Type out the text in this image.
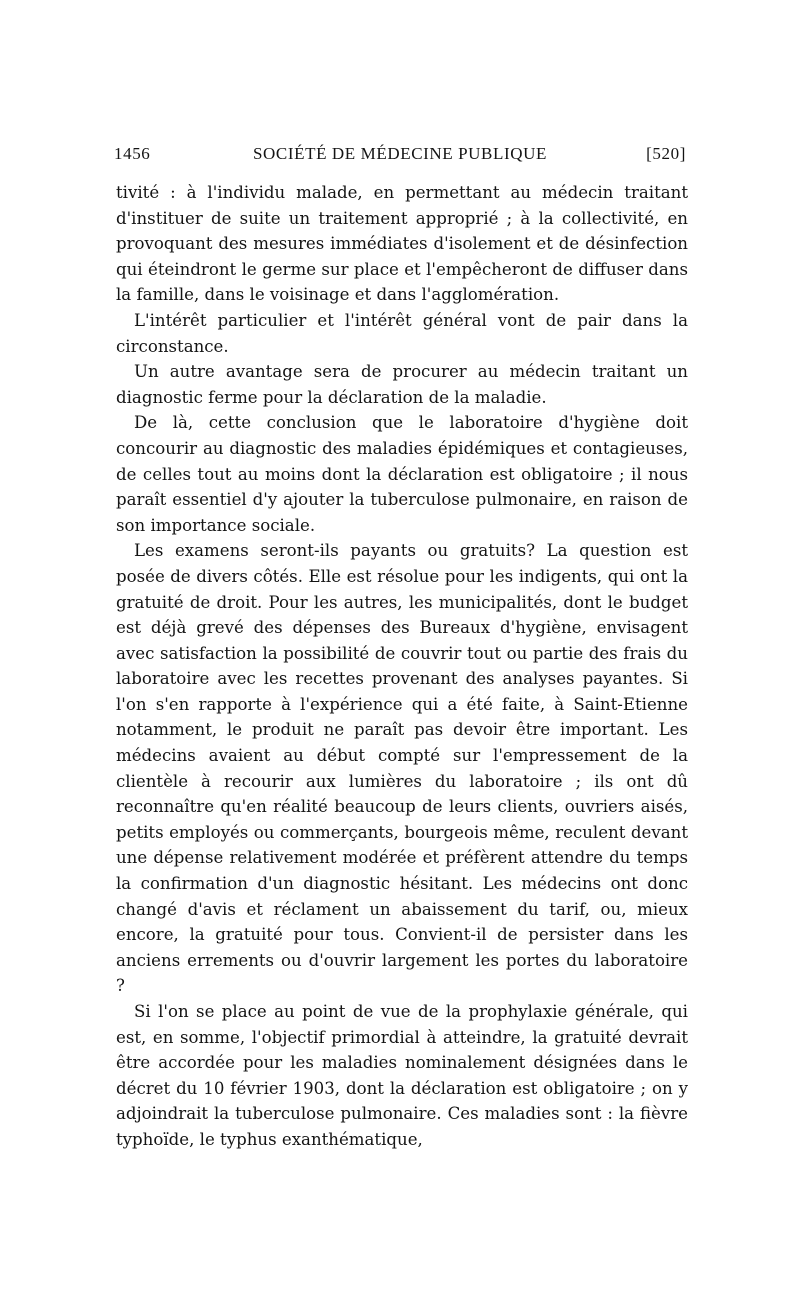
1456	SOCIÉTÉ DE MÉDECINE PUBLIQUE	[520]

tivité : à l'individu malade, en permettant au médecin traitant d'instituer de suite un traitement approprié ; à la collectivité, en provoquant des mesures immédiates d'isolement et de désinfection qui éteindront le germe sur place et l'empêcheront de diffuser dans la famille, dans le voisinage et dans l'agglomération.

L'intérêt particulier et l'intérêt général vont de pair dans la circonstance.

Un autre avantage sera de procurer au médecin traitant un diagnostic ferme pour la déclaration de la maladie.

De là, cette conclusion que le laboratoire d'hygiène doit concourir au diagnostic des maladies épidémiques et contagieuses, de celles tout au moins dont la déclaration est obligatoire ; il nous paraît essentiel d'y ajouter la tuberculose pulmonaire, en raison de son importance sociale.

Les examens seront-ils payants ou gratuits? La question est posée de divers côtés. Elle est résolue pour les indigents, qui ont la gratuité de droit. Pour les autres, les municipalités, dont le budget est déjà grevé des dépenses des Bureaux d'hygiène, envisagent avec satisfaction la possibilité de couvrir tout ou partie des frais du laboratoire avec les recettes provenant des analyses payantes. Si l'on s'en rapporte à l'expérience qui a été faite, à Saint-Etienne notamment, le produit ne paraît pas devoir être important. Les médecins avaient au début compté sur l'empressement de la clientèle à recourir aux lumières du laboratoire ; ils ont dû reconnaître qu'en réalité beaucoup de leurs clients, ouvriers aisés, petits employés ou commerçants, bourgeois même, reculent devant une dépense relativement modérée et préfèrent attendre du temps la confirmation d'un diagnostic hésitant. Les médecins ont donc changé d'avis et réclament un abaissement du tarif, ou, mieux encore, la gratuité pour tous. Convient-il de persister dans les anciens errements ou d'ouvrir largement les portes du laboratoire ?

Si l'on se place au point de vue de la prophylaxie générale, qui est, en somme, l'objectif primordial à atteindre, la gratuité devrait être accordée pour les maladies nominalement désignées dans le décret du 10 février 1903, dont la déclaration est obligatoire ; on y adjoindrait la tuberculose pulmonaire. Ces maladies sont : la fièvre typhoïde, le typhus exanthématique,
